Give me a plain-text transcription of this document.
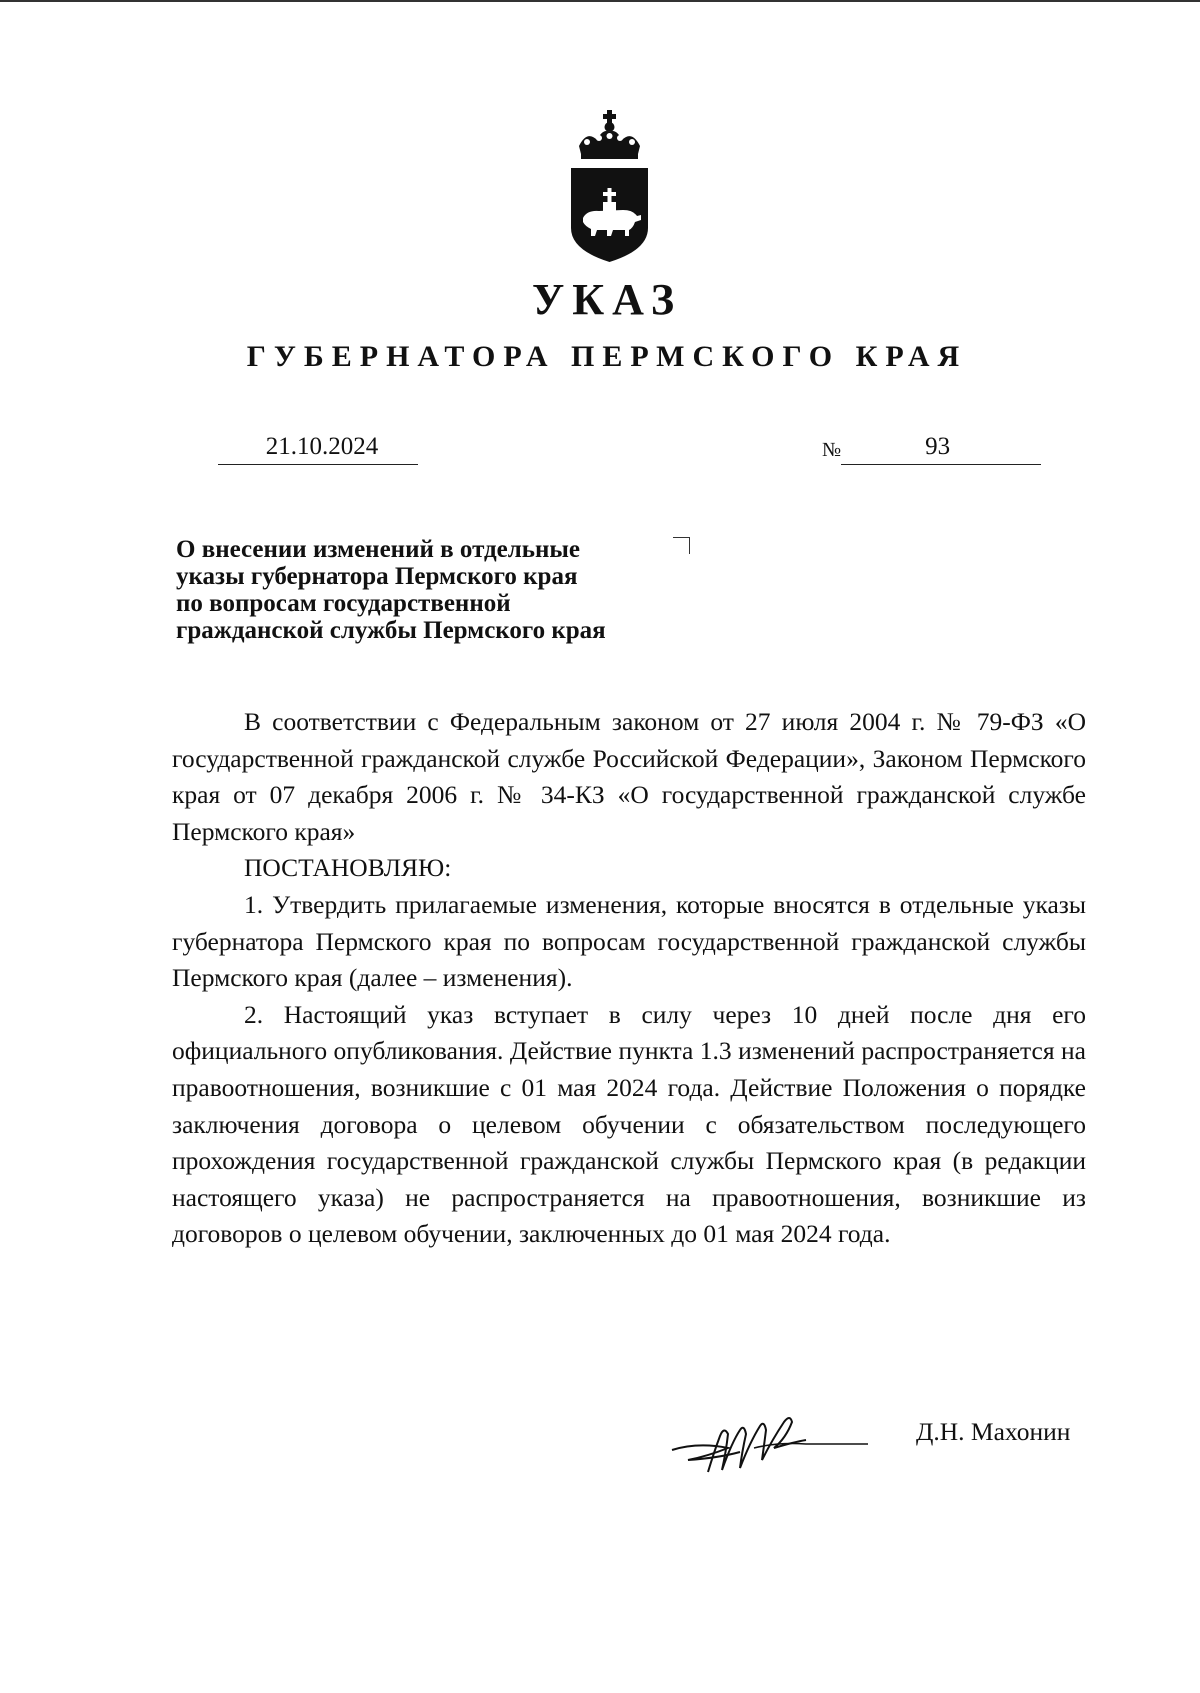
УКАЗ
ГУБЕРНАТОРА ПЕРМСКОГО КРАЯ
21.10.2024	№	93
О внесении изменений в отдельные
указы губернатора Пермского края
по вопросам государственной
гражданской службы Пермского края

В соответствии с Федеральным законом от 27 июля 2004 г. № 79-ФЗ «О государственной гражданской службе Российской Федерации», Законом Пермского края от 07 декабря 2006 г. № 34-КЗ «О государственной гражданской службе Пермского края»

ПОСТАНОВЛЯЮ:

1. Утвердить прилагаемые изменения, которые вносятся в отдельные указы губернатора Пермского края по вопросам государственной гражданской службы Пермского края (далее – изменения).

2. Настоящий указ вступает в силу через 10 дней после дня его официального опубликования. Действие пункта 1.3 изменений распространяется на правоотношения, возникшие с 01 мая 2024 года. Действие Положения о порядке заключения договора о целевом обучении с обязательством последующего прохождения государственной гражданской службы Пермского края (в редакции настоящего указа) не распространяется на правоотношения, возникшие из договоров о целевом обучении, заключенных до 01 мая 2024 года.

Д.Н. Махонин
